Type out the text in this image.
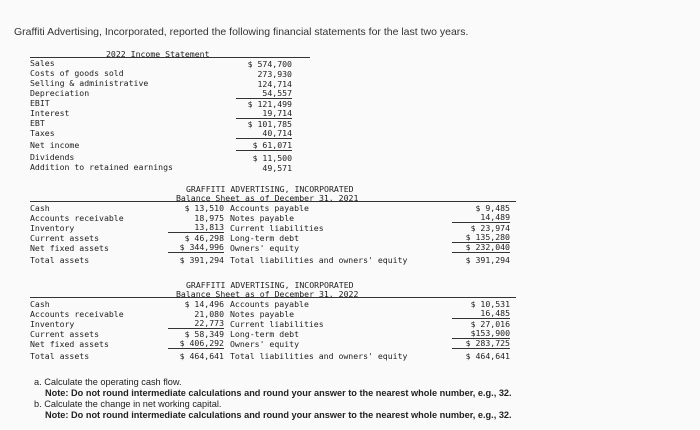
Graffiti Advertising, Incorporated, reported the following financial statements for the last two years.
2022 Income Statement
Sales
Costs of goods sold
Selling & administrative
Depreciation
EBIT
Interest
EBT
Taxes
Net income
Dividends
Addition to retained earnings
$ 574,700
273,930
124,714
54,557
$ 121,499
19,714
$ 101,785
40,714
$ 61,071
$ 11,500
49,571
GRAFFITI ADVERTISING, INCORPORATED
Balance Sheet as of December 31, 2021
Cash
Accounts receivable
Inventory
Current assets
Net fixed assets
Total assets
$ 13,510
18,975
13,813
$ 46,298
$ 344,996
$ 391,294
Accounts payable
Notes payable
Current liabilities
Long-term debt
Owners' equity
Total liabilities and owners' equity
$ 9,485
14,489
$ 23,974
$ 135,280
$ 232,040
$ 391,294
GRAFFITI ADVERTISING, INCORPORATED
Balance Sheet as of December 31, 2022
Cash
Accounts receivable
Inventory
Current assets
Net fixed assets
Total assets
$ 14,496
21,080
22,773
$ 58,349
$ 406,292
$ 464,641
Accounts payable
Notes payable
Current liabilities
Long-term debt
Owners' equity
Total liabilities and owners' equity
$ 10,531
16,485
$ 27,016
$153,900
$ 283,725
$ 464,641
a. Calculate the operating cash flow.
Note: Do not round intermediate calculations and round your answer to the nearest whole number, e.g., 32.
b. Calculate the change in net working capital.
Note: Do not round intermediate calculations and round your answer to the nearest whole number, e.g., 32.
